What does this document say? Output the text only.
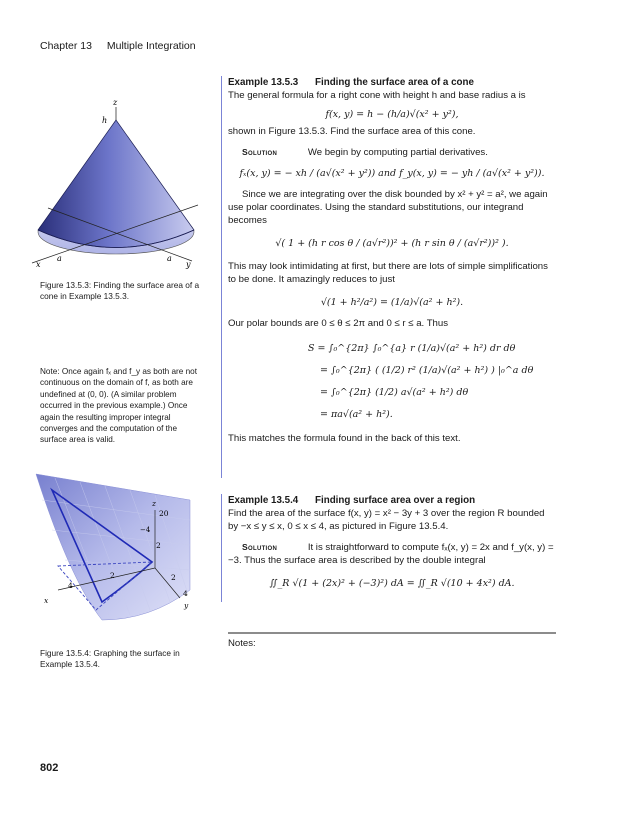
Chapter 13 Multiple Integration
z
h
x
a	a
y
Figure 13.5.3: Finding the surface area of a cone in Example 13.5.3.
Note: Once again fₓ and f_y as both are not continuous on the domain of f, as both are undefined at (0, 0). (A similar problem occurred in the previous example.) Once again the resulting improper integral converges and the computation of the surface area is valid.
z
20
−4
2
2
2
4
4
x
y
Figure 13.5.4: Graphing the surface in Example 13.5.4.

Example 13.5.3 Finding the surface area of a cone

The general formula for a right cone with height h and base radius a is

f(x, y) = h − (h/a)√(x² + y²),

shown in Figure 13.5.3. Find the surface area of this cone.

Solution	We begin by computing partial derivatives.

fₓ(x, y) = − xh / (a√(x² + y²)) and f_y(x, y) = − yh / (a√(x² + y²)).

Since we are integrating over the disk bounded by x² + y² = a², we again use polar coordinates. Using the standard substitutions, our integrand becomes

√( 1 + (h r cos θ / (a√r²))² + (h r sin θ / (a√r²))² ).

This may look intimidating at first, but there are lots of simple simplifications to be done. It amazingly reduces to just

√(1 + h²/a²) = (1/a)√(a² + h²).

Our polar bounds are 0 ≤ θ ≤ 2π and 0 ≤ r ≤ a. Thus

S = ∫₀^{2π} ∫₀^{a} r (1/a)√(a² + h²) dr dθ

= ∫₀^{2π} ( (1/2) r² (1/a)√(a² + h²) ) |₀^a dθ

= ∫₀^{2π} (1/2) a√(a² + h²) dθ

= πa√(a² + h²).

This matches the formula found in the back of this text.

Example 13.5.4 Finding surface area over a region

Find the area of the surface f(x, y) = x² − 3y + 3 over the region R bounded by −x ≤ y ≤ x, 0 ≤ x ≤ 4, as pictured in Figure 13.5.4.

Solution	It is straightforward to compute fₓ(x, y) = 2x and f_y(x, y) = −3. Thus the surface area is described by the double integral

∬_R √(1 + (2x)² + (−3)²) dA = ∬_R √(10 + 4x²) dA.

Notes:
802
